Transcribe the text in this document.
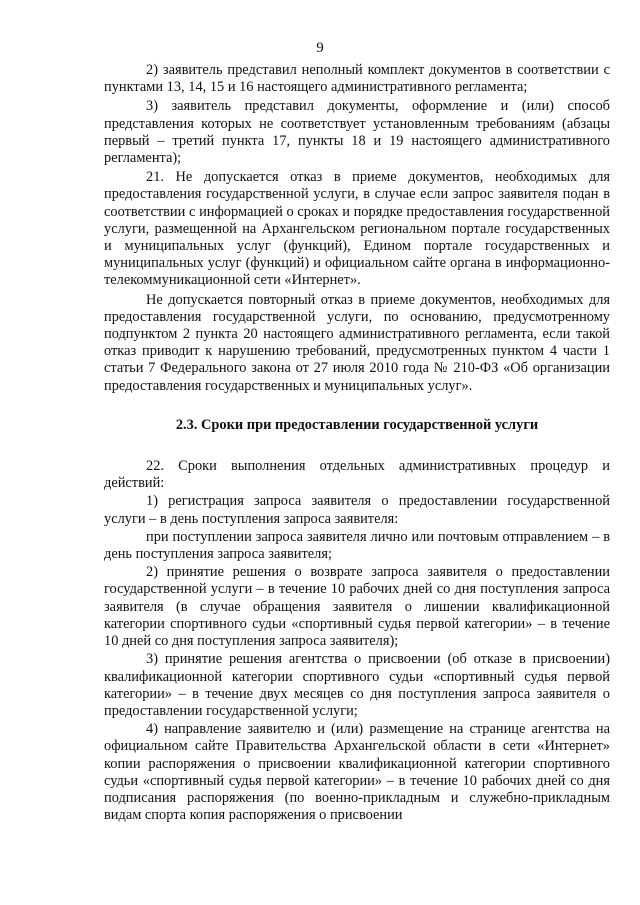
9

2) заявитель представил неполный комплект документов в соответствии с пунктами 13, 14, 15 и 16 настоящего административного регламента;

3) заявитель представил документы, оформление и (или) способ представления которых не соответствует установленным требованиям (абзацы первый – третий пункта 17, пункты 18 и 19 настоящего административного регламента);

21. Не допускается отказ в приеме документов, необходимых для предоставления государственной услуги, в случае если запрос заявителя подан в соответствии с информацией о сроках и порядке предоставления государственной услуги, размещенной на Архангельском региональном портале государственных и муниципальных услуг (функций), Едином портале государственных и муниципальных услуг (функций) и официальном сайте органа в информационно-телекоммуникационной сети «Интернет».

Не допускается повторный отказ в приеме документов, необходимых для предоставления государственной услуги, по основанию, предусмотренному подпунктом 2 пункта 20 настоящего административного регламента, если такой отказ приводит к нарушению требований, предусмотренных пунктом 4 части 1 статьи 7 Федерального закона от 27 июля 2010 года № 210-ФЗ «Об организации предоставления государственных и муниципальных услуг».

2.3. Сроки при предоставлении государственной услуги

22. Сроки выполнения отдельных административных процедур и действий:

1) регистрация запроса заявителя о предоставлении государственной услуги – в день поступления запроса заявителя:

при поступлении запроса заявителя лично или почтовым отправлением – в день поступления запроса заявителя;

2) принятие решения о возврате запроса заявителя о предоставлении государственной услуги – в течение 10 рабочих дней со дня поступления запроса заявителя (в случае обращения заявителя о лишении квалификационной категории спортивного судьи «спортивный судья первой категории» – в течение 10 дней со дня поступления запроса заявителя);

3) принятие решения агентства о присвоении (об отказе в присвоении) квалификационной категории спортивного судьи «спортивный судья первой категории» – в течение двух месяцев со дня поступления запроса заявителя о предоставлении государственной услуги;

4) направление заявителю и (или) размещение на странице агентства на официальном сайте Правительства Архангельской области в сети «Интернет» копии распоряжения о присвоении квалификационной категории спортивного судьи «спортивный судья первой категории» – в течение 10 рабочих дней со дня подписания распоряжения (по военно-прикладным и служебно-прикладным видам спорта копия распоряжения о присвоении
